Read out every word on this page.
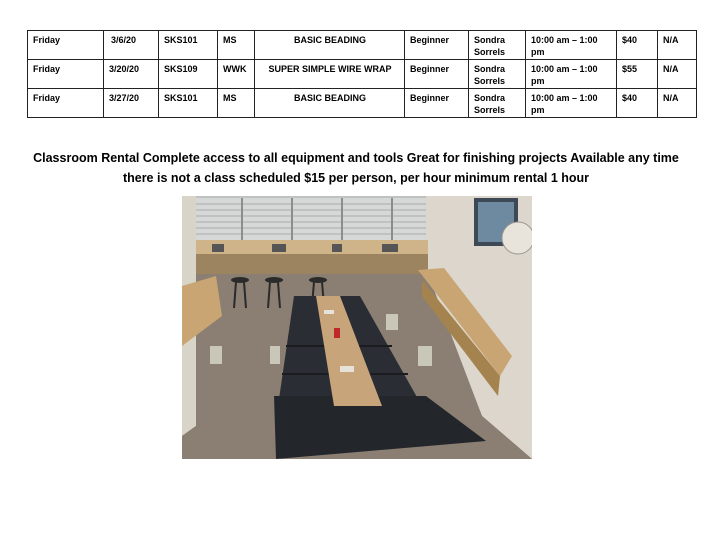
Friday	3/6/20	SKS101	MS	BASIC BEADING	Beginner	Sondra Sorrels	10:00 am – 1:00 pm	$40	N/A
Friday	3/20/20	SKS109	WWK	SUPER SIMPLE WIRE WRAP	Beginner	Sondra Sorrels	10:00 am – 1:00 pm	$55	N/A
Friday	3/27/20	SKS101	MS	BASIC BEADING	Beginner	Sondra Sorrels	10:00 am – 1:00 pm	$40	N/A

Classroom Rental Complete access to all equipment and tools Great for finishing projects Available any time there is not a class scheduled $15 per person, per hour minimum rental 1 hour
